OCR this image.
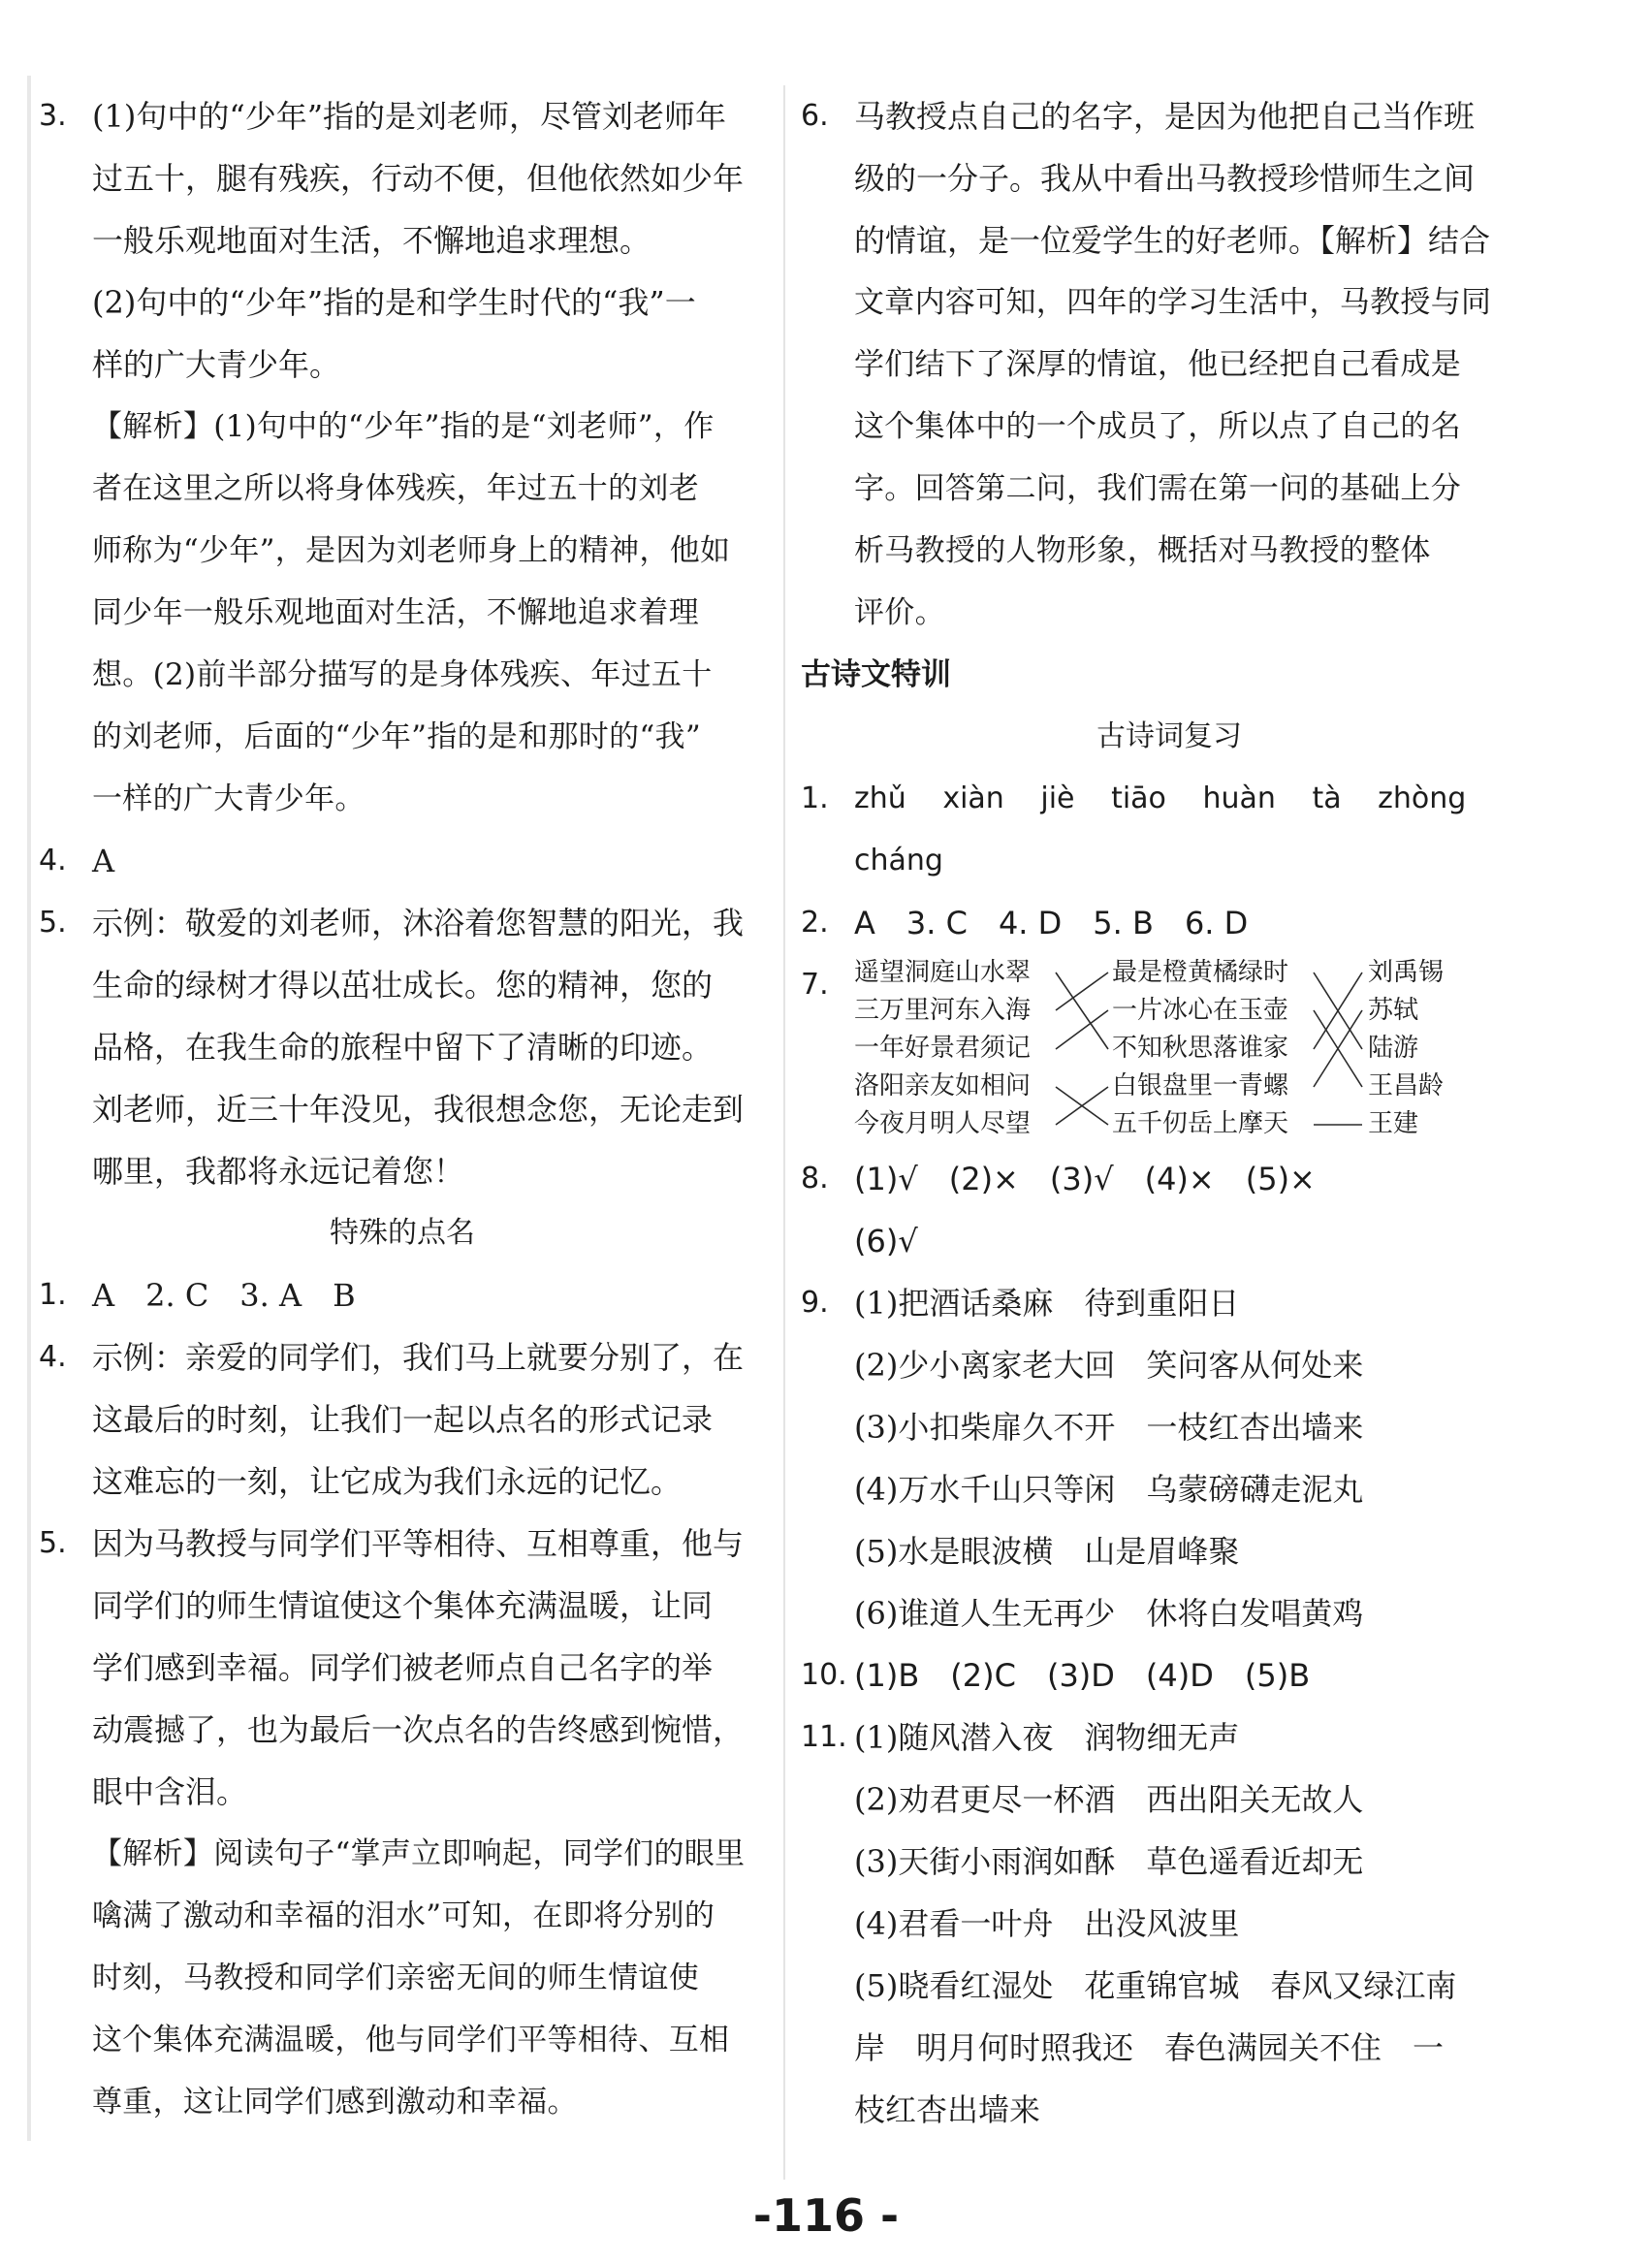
3. (1)句中的“少年”指的是刘老师，尽管刘老师年
过五十，腿有残疾，行动不便，但他依然如少年
一般乐观地面对生活，不懈地追求理想。
(2)句中的“少年”指的是和学生时代的“我”一
样的广大青少年。
【解析】(1)句中的“少年”指的是“刘老师”，作
者在这里之所以将身体残疾，年过五十的刘老
师称为“少年”，是因为刘老师身上的精神，他如
同少年一般乐观地面对生活，不懈地追求着理
想。(2)前半部分描写的是身体残疾、年过五十
的刘老师，后面的“少年”指的是和那时的“我”
一样的广大青少年。
4. A
5. 示例：敬爱的刘老师，沐浴着您智慧的阳光，我
生命的绿树才得以茁壮成长。您的精神，您的
品格，在我生命的旅程中留下了清晰的印迹。
刘老师，近三十年没见，我很想念您，无论走到
哪里，我都将永远记着您！
特殊的点名
1. A　2. C　3. A　B
4. 示例：亲爱的同学们，我们马上就要分别了，在
这最后的时刻，让我们一起以点名的形式记录
这难忘的一刻，让它成为我们永远的记忆。
5. 因为马教授与同学们平等相待、互相尊重，他与
同学们的师生情谊使这个集体充满温暖，让同
学们感到幸福。同学们被老师点自己名字的举
动震撼了，也为最后一次点名的告终感到惋惜，
眼中含泪。
【解析】阅读句子“掌声立即响起，同学们的眼里
噙满了激动和幸福的泪水”可知，在即将分别的
时刻，马教授和同学们亲密无间的师生情谊使
这个集体充满温暖，他与同学们平等相待、互相
尊重，这让同学们感到激动和幸福。
6. 马教授点自己的名字，是因为他把自己当作班
级的一分子。我从中看出马教授珍惜师生之间
的情谊，是一位爱学生的好老师。【解析】结合
文章内容可知，四年的学习生活中，马教授与同
学们结下了深厚的情谊，他已经把自己看成是
这个集体中的一个成员了，所以点了自己的名
字。回答第二问，我们需在第一问的基础上分
析马教授的人物形象，概括对马教授的整体
评价。
古诗文特训
古诗词复习
1. zhǔ xiàn jiè tiāo huàn tà zhòng
cháng
2. A　3. C　4. D　5. B　6. D
7.	遥望洞庭山水翠
三万里河东入海
一年好景君须记
洛阳亲友如相问
今夜月明人尽望
最是橙黄橘绿时
一片冰心在玉壶
不知秋思落谁家
白银盘里一青螺
五千仞岳上摩天
刘禹锡
苏轼
陆游
王昌龄
王建
8. (1)√　(2)×　(3)√　(4)×　(5)×
(6)√
9. (1)把酒话桑麻　待到重阳日
(2)少小离家老大回　笑问客从何处来
(3)小扣柴扉久不开　一枝红杏出墙来
(4)万水千山只等闲　乌蒙磅礴走泥丸
(5)水是眼波横　山是眉峰聚
(6)谁道人生无再少　休将白发唱黄鸡
10. (1)B　(2)C　(3)D　(4)D　(5)B
11. (1)随风潜入夜　润物细无声
(2)劝君更尽一杯酒　西出阳关无故人
(3)天街小雨润如酥　草色遥看近却无
(4)君看一叶舟　出没风波里
(5)晓看红湿处　花重锦官城　春风又绿江南
岸　明月何时照我还　春色满园关不住　一
枝红杏出墙来
-116 -
